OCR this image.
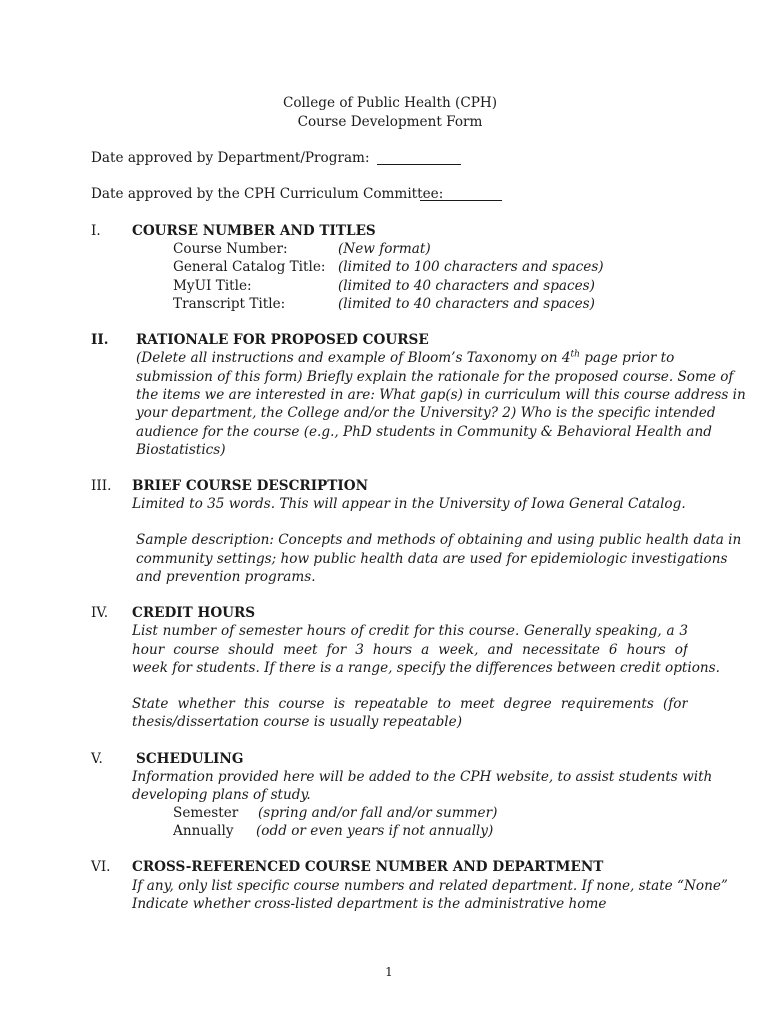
College of Public Health (CPH)
Course Development Form
Date approved by Department/Program:
Date approved by the CPH Curriculum Committee:
I. COURSE NUMBER AND TITLES
Course Number:	(New format)
General Catalog Title: (limited to 100 characters and spaces)
MyUI Title:	(limited to 40 characters and spaces)
Transcript Title:	(limited to 40 characters and spaces)
II. RATIONALE FOR PROPOSED COURSE
(Delete all instructions and example of Bloom’s Taxonomy on 4th page prior to
submission of this form) Briefly explain the rationale for the proposed course. Some of
the items we are interested in are: What gap(s) in curriculum will this course address in
your department, the College and/or the University? 2) Who is the specific intended
audience for the course (e.g., PhD students in Community & Behavioral Health and
Biostatistics)
III. BRIEF COURSE DESCRIPTION
Limited to 35 words. This will appear in the University of Iowa General Catalog.
Sample description: Concepts and methods of obtaining and using public health data in
community settings; how public health data are used for epidemiologic investigations
and prevention programs.
IV. CREDIT HOURS
List number of semester hours of credit for this course. Generally speaking, a 3
hour course should meet for 3 hours a week, and necessitate 6 hours of
week for students. If there is a range, specify the differences between credit options.
State whether this course is repeatable to meet degree requirements (for
thesis/dissertation course is usually repeatable)
V. SCHEDULING
Information provided here will be added to the CPH website, to assist students with
developing plans of study.
Semester (spring and/or fall and/or summer)
Annually (odd or even years if not annually)
VI. CROSS-REFERENCED COURSE NUMBER AND DEPARTMENT
If any, only list specific course numbers and related department. If none, state “None”
Indicate whether cross-listed department is the administrative home
1
